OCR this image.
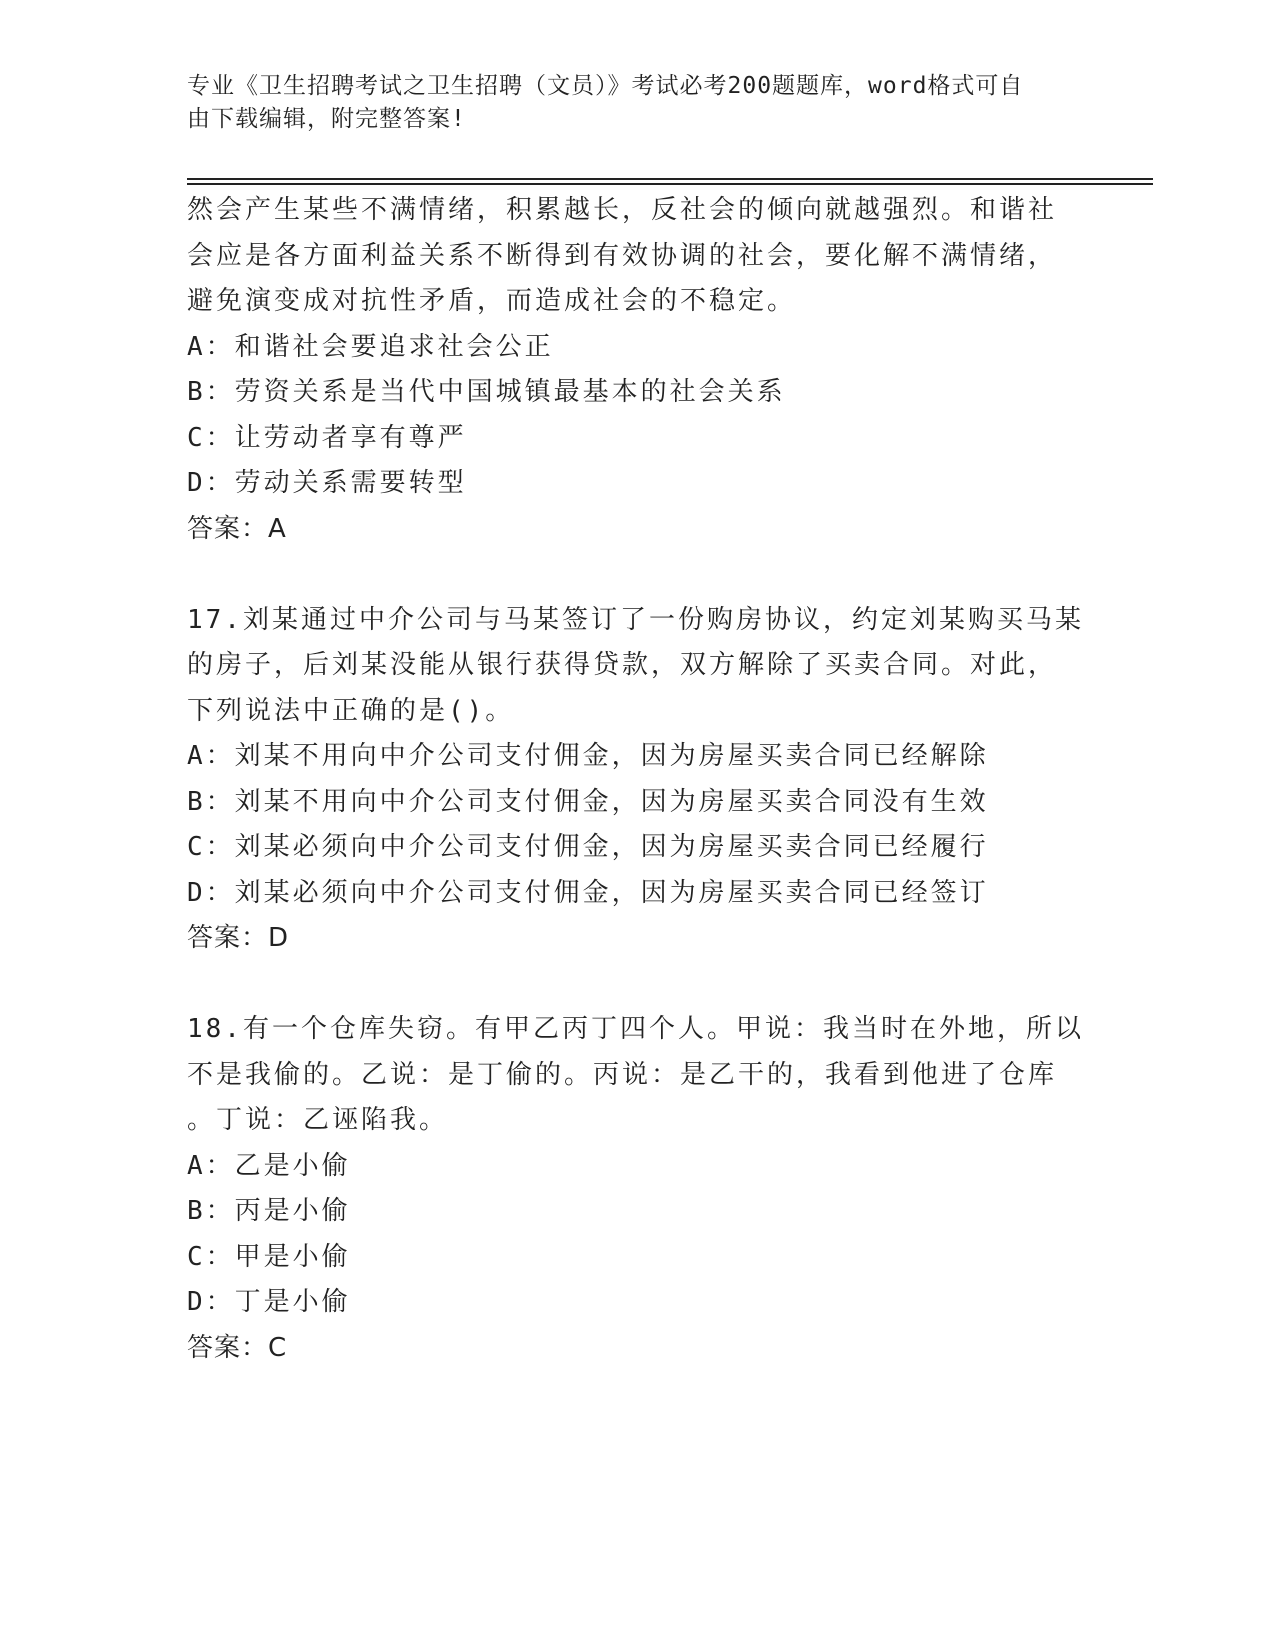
专业《卫生招聘考试之卫生招聘（文员）》考试必考200题题库，word格式可自
由下载编辑，附完整答案!
然会产生某些不满情绪，积累越长，反社会的倾向就越强烈。和谐社
会应是各方面利益关系不断得到有效协调的社会，要化解不满情绪，
避免演变成对抗性矛盾，而造成社会的不稳定。
A：和谐社会要追求社会公正
B：劳资关系是当代中国城镇最基本的社会关系
C：让劳动者享有尊严
D：劳动关系需要转型
答案：A
17.刘某通过中介公司与马某签订了一份购房协议，约定刘某购买马某
的房子，后刘某没能从银行获得贷款，双方解除了买卖合同。对此，
下列说法中正确的是()。
A：刘某不用向中介公司支付佣金，因为房屋买卖合同已经解除
B：刘某不用向中介公司支付佣金，因为房屋买卖合同没有生效
C：刘某必须向中介公司支付佣金，因为房屋买卖合同已经履行
D：刘某必须向中介公司支付佣金，因为房屋买卖合同已经签订
答案：D
18.有一个仓库失窃。有甲乙丙丁四个人。甲说：我当时在外地，所以
不是我偷的。乙说：是丁偷的。丙说：是乙干的，我看到他进了仓库
。丁说：乙诬陷我。
A：乙是小偷
B：丙是小偷
C：甲是小偷
D：丁是小偷
答案：C
